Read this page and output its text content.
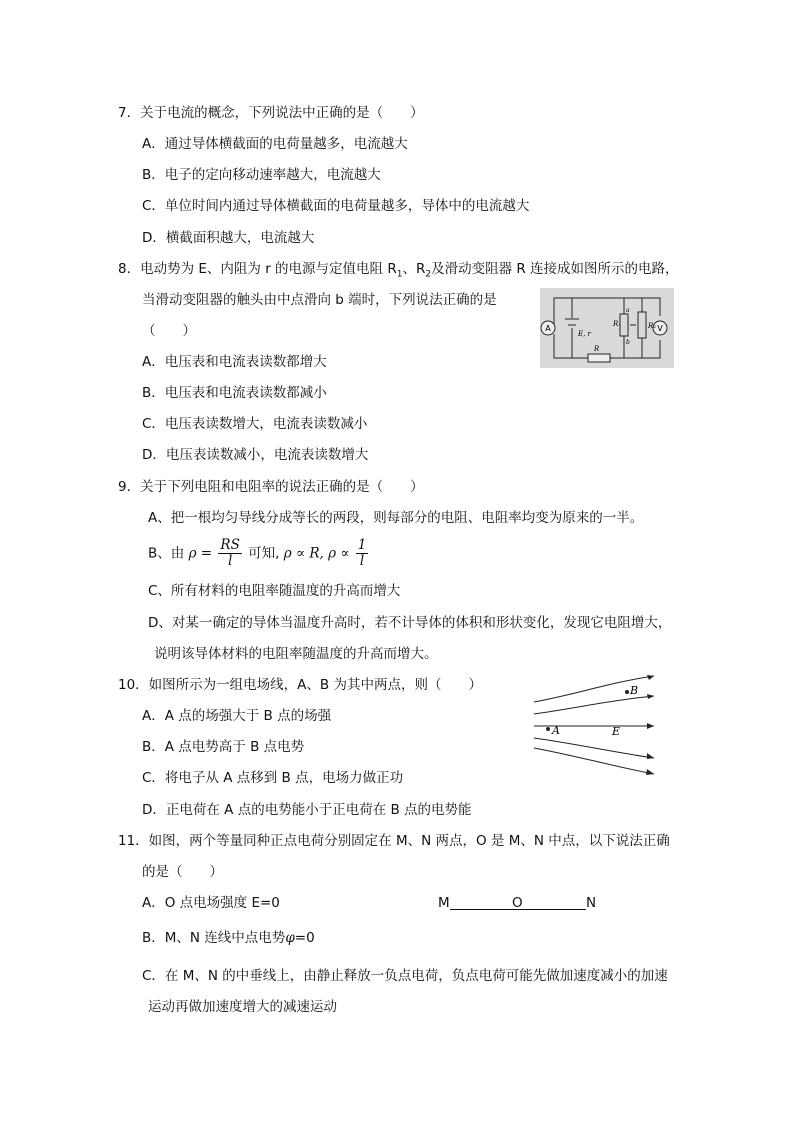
7．关于电流的概念，下列说法中正确的是（　　）
A．通过导体横截面的电荷量越多，电流越大
B．电子的定向移动速率越大，电流越大
C．单位时间内通过导体横截面的电荷量越多，导体中的电流越大
D．横截面积越大，电流越大
8．电动势为 E、内阻为 r 的电源与定值电阻 $R_1$、$R_2$及滑动变阻器 R 连接成如图所示的电路，
当滑动变阻器的触头由中点滑向 b 端时，下列说法正确的是
（　　）	A	V
E, r
R₁
a
b
R₂
R
A．电压表和电流表读数都增大
B．电压表和电流表读数都减小
C．电压表读数增大，电流表读数减小
D．电压表读数减小，电流表读数增大
9．关于下列电阻和电阻率的说法正确的是（　　）
A、把一根均匀导线分成等长的两段，则每部分的电阻、电阻率均变为原来的一半。
B、由 $\rho = \frac{RS}{l}$ 可知, ρ ∝ R, $\rho \propto \frac{1}{l}$
C、所有材料的电阻率随温度的升高而增大
D、对某一确定的导体当温度升高时，若不计导体的体积和形状变化，发现它电阻增大，
说明该导体材料的电阻率随温度的升高而增大。
10．如图所示为一组电场线，A、B 为其中两点，则（　　）	B
A	E
A．A 点的场强大于 B 点的场强
B．A 点电势高于 B 点电势
C．将电子从 A 点移到 B 点，电场力做正功
D．正电荷在 A 点的电势能小于正电荷在 B 点的电势能
11．如图，两个等量同种正点电荷分别固定在 M、N 两点，O 是 M、N 中点，以下说法正确
的是（　　）
A．O 点电场强度 E=0	M	O	N
B．M、N 连线中点电势φ=0
C．在 M、N 的中垂线上，由静止释放一负点电荷，负点电荷可能先做加速度减小的加速
运动再做加速度增大的减速运动
